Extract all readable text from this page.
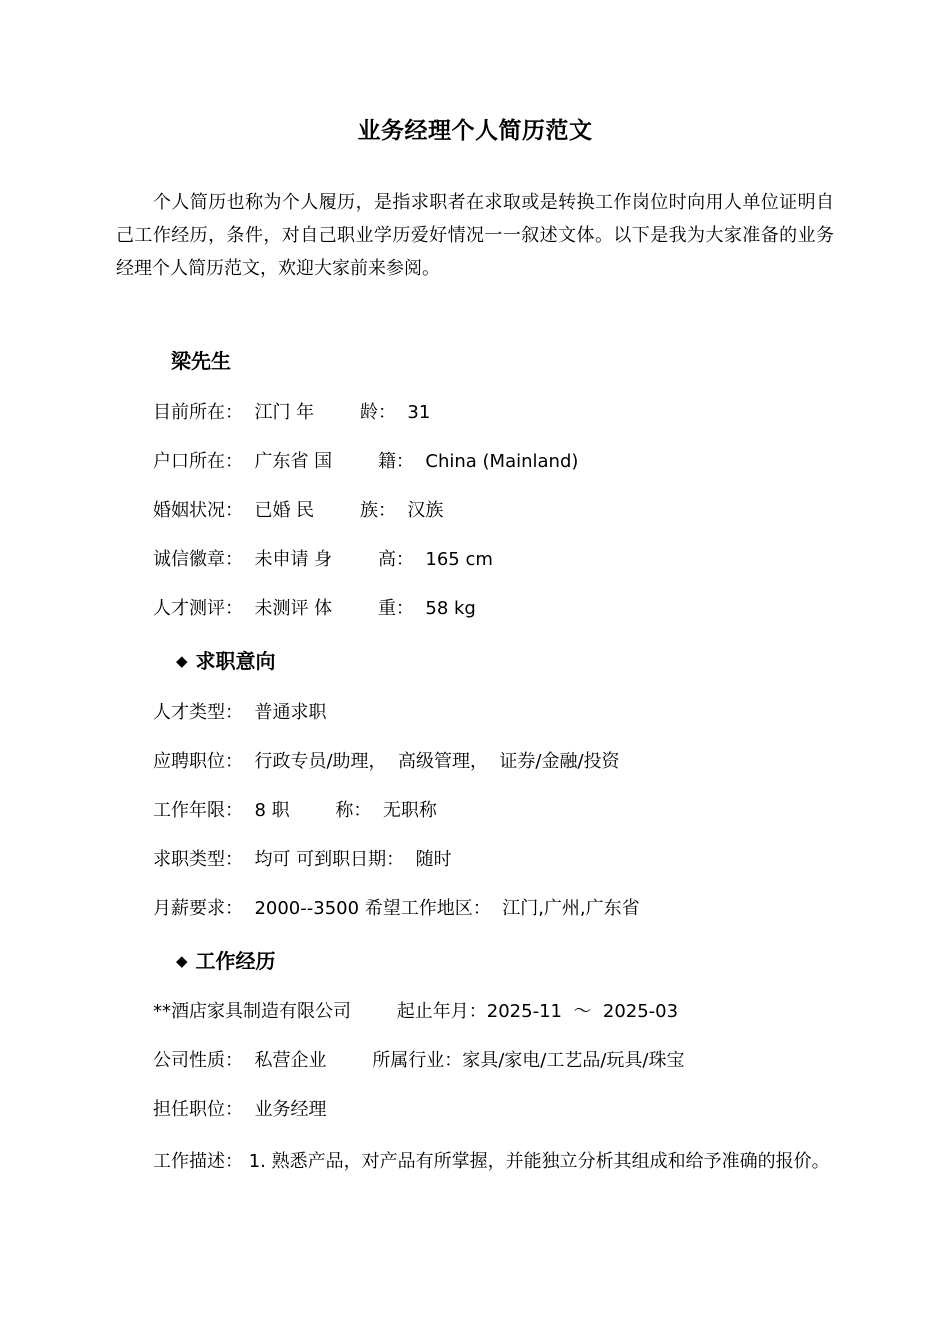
业务经理个人简历范文
个人简历也称为个人履历，是指求职者在求取或是转换工作岗位时向用人单位证明自己工作经历，条件，对自己职业学历爱好情况一一叙述文体。以下是我为大家准备的业务经理个人简历范文，欢迎大家前来参阅。
梁先生
目前所在：  江门 年        龄：  31
户口所在：  广东省 国        籍：  China (Mainland)
婚姻状况：  已婚 民        族：  汉族
诚信徽章：  未申请 身        高：  165 cm
人才测评：  未测评 体        重：  58 kg
◆ 求职意向
人才类型：  普通求职
应聘职位：  行政专员/助理，  高级管理，  证券/金融/投资
工作年限：  8 职        称：  无职称
求职类型：  均可 可到职日期：  随时
月薪要求：  2000--3500 希望工作地区：  江门,广州,广东省
◆ 工作经历
**酒店家具制造有限公司        起止年月：2025-11  ～  2025-03
公司性质：  私营企业        所属行业：家具/家电/工艺品/玩具/珠宝
担任职位：  业务经理
工作描述： 1. 熟悉产品，对产品有所掌握，并能独立分析其组成和给予准确的报价。
